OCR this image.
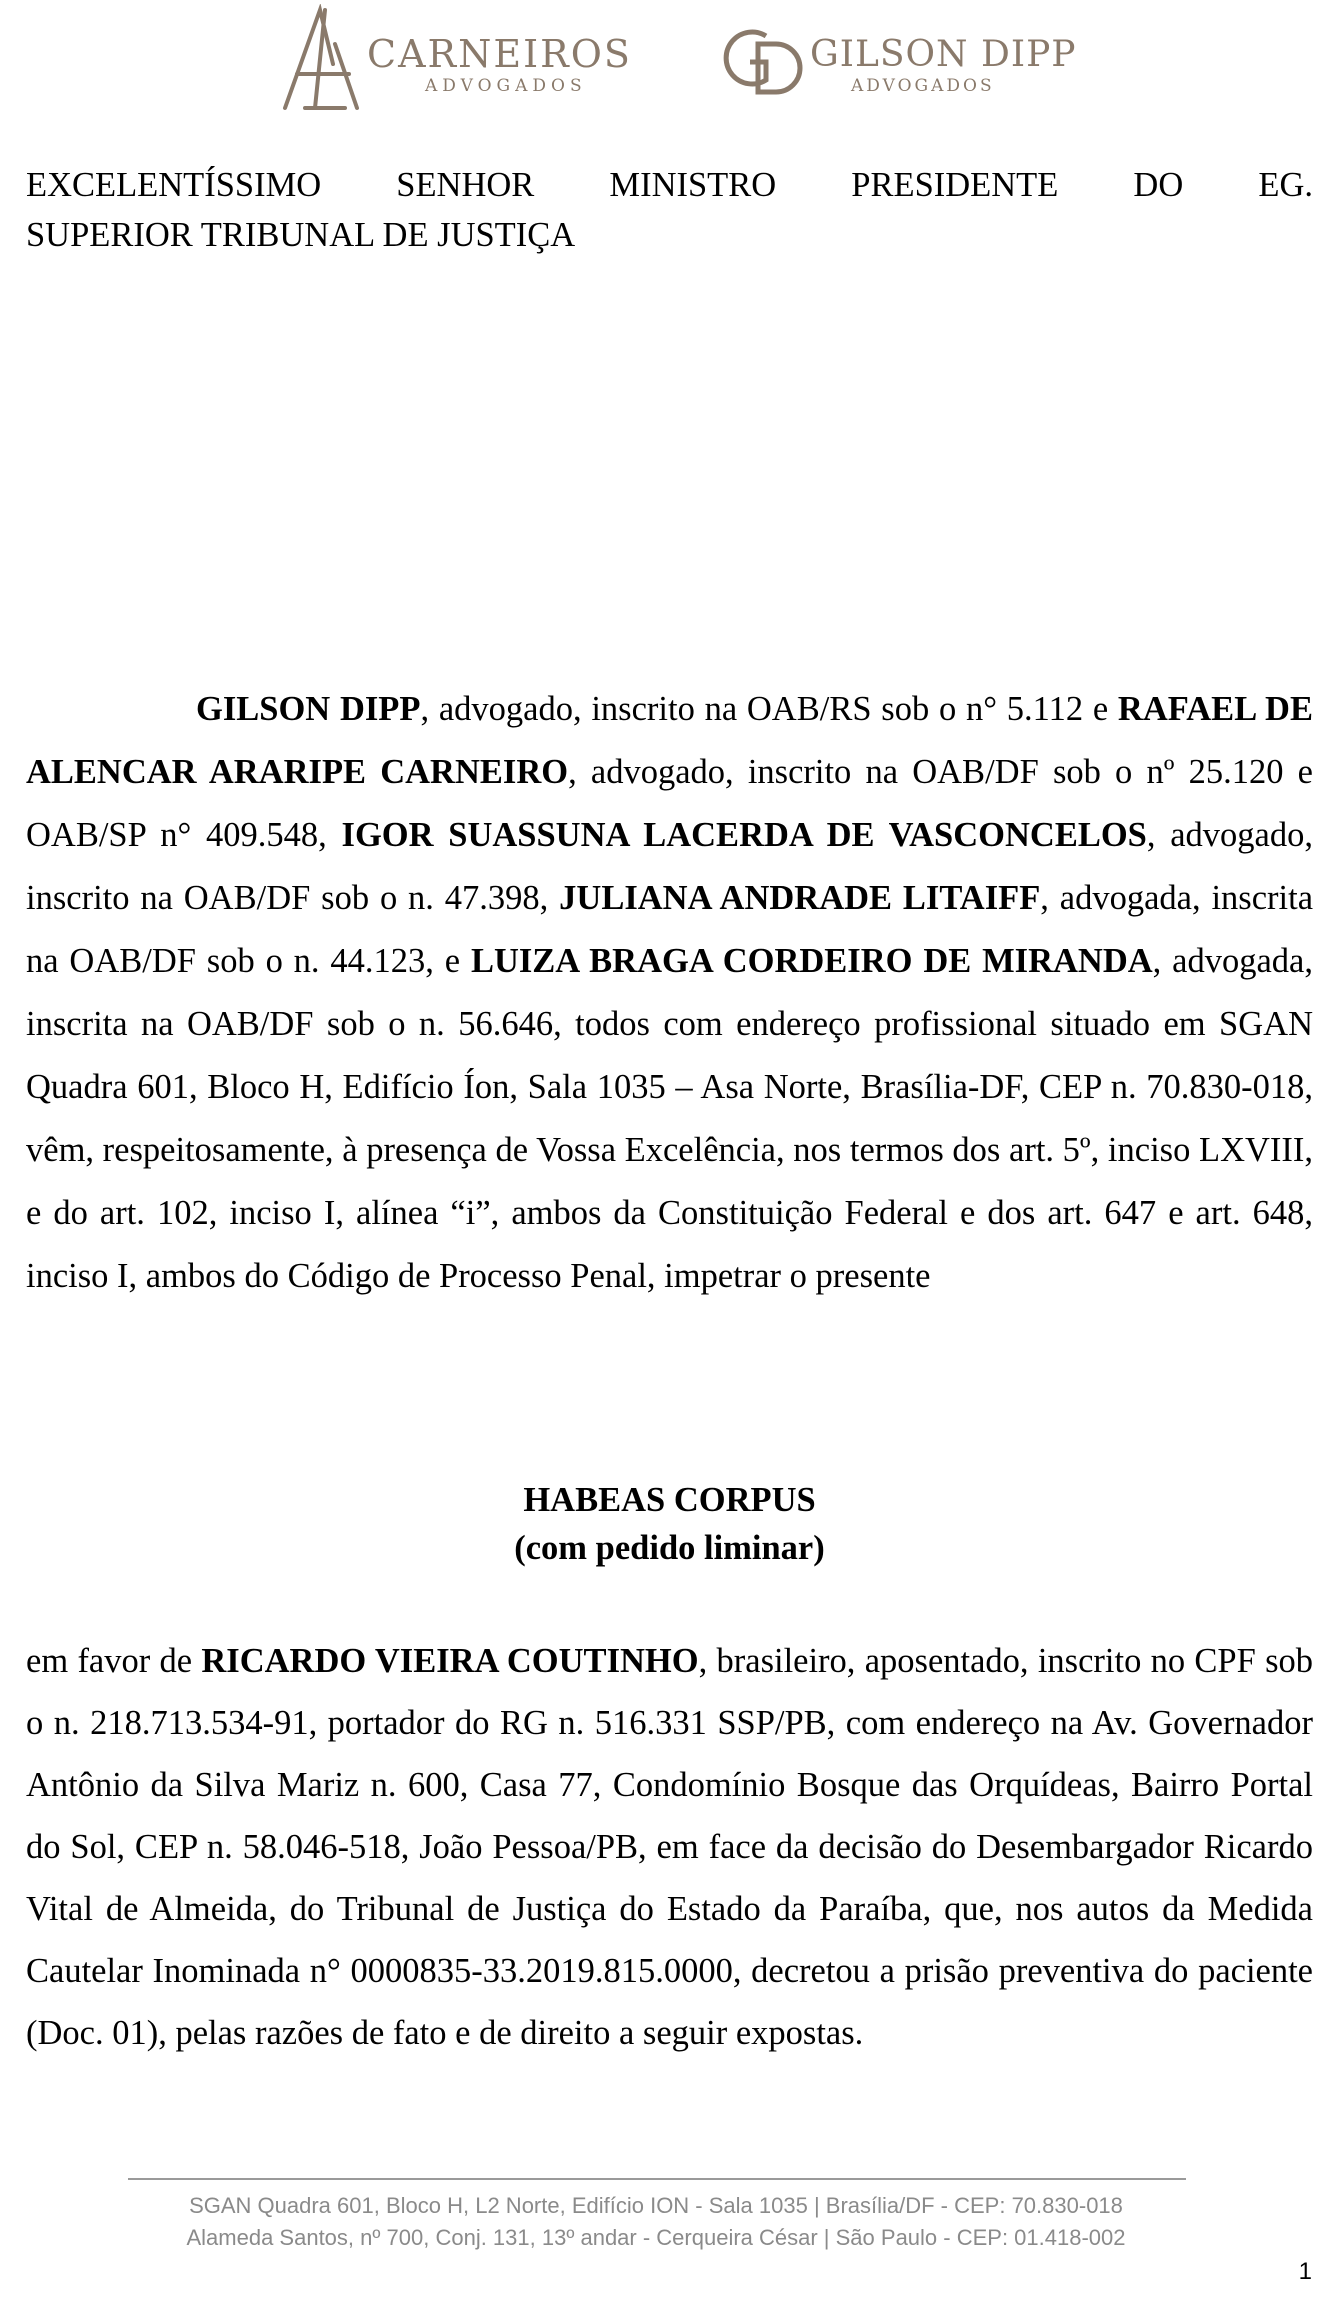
CARNEIROS
ADVOGADOS
GILSON DIPP
ADVOGADOS
EXCELENTÍSSIMO SENHOR MINISTRO PRESIDENTE DO EG.
SUPERIOR TRIBUNAL DE JUSTIÇA
GILSON DIPP, advogado, inscrito na OAB/RS sob o n° 5.112 e RAFAEL DE ALENCAR ARARIPE CARNEIRO, advogado, inscrito na OAB/DF sob o nº 25.120 e OAB/SP n° 409.548, IGOR SUASSUNA LACERDA DE VASCONCELOS, advogado, inscrito na OAB/DF sob o n. 47.398, JULIANA ANDRADE LITAIFF, advogada, inscrita na OAB/DF sob o n. 44.123, e LUIZA BRAGA CORDEIRO DE MIRANDA, advogada, inscrita na OAB/DF sob o n. 56.646, todos com endereço profissional situado em SGAN Quadra 601, Bloco H, Edifício Íon, Sala 1035 – Asa Norte, Brasília-DF, CEP n. 70.830-018, vêm, respeitosamente, à presença de Vossa Excelência, nos termos dos art. 5º, inciso LXVIII, e do art. 102, inciso I, alínea “i”, ambos da Constituição Federal e dos art. 647 e art. 648, inciso I, ambos do Código de Processo Penal, impetrar o presente
HABEAS CORPUS
(com pedido liminar)
em favor de RICARDO VIEIRA COUTINHO, brasileiro, aposentado, inscrito no CPF sob o n. 218.713.534-91, portador do RG n. 516.331 SSP/PB, com endereço na Av. Governador Antônio da Silva Mariz n. 600, Casa 77, Condomínio Bosque das Orquídeas, Bairro Portal do Sol, CEP n. 58.046-518, João Pessoa/PB, em face da decisão do Desembargador Ricardo Vital de Almeida, do Tribunal de Justiça do Estado da Paraíba, que, nos autos da Medida Cautelar Inominada n° 0000835-33.2019.815.0000, decretou a prisão preventiva do paciente (Doc. 01), pelas razões de fato e de direito a seguir expostas.
SGAN Quadra 601, Bloco H, L2 Norte, Edifício ION - Sala 1035 | Brasília/DF - CEP: 70.830-018
Alameda Santos, nº 700, Conj. 131, 13º andar - Cerqueira César | São Paulo - CEP: 01.418-002
1
